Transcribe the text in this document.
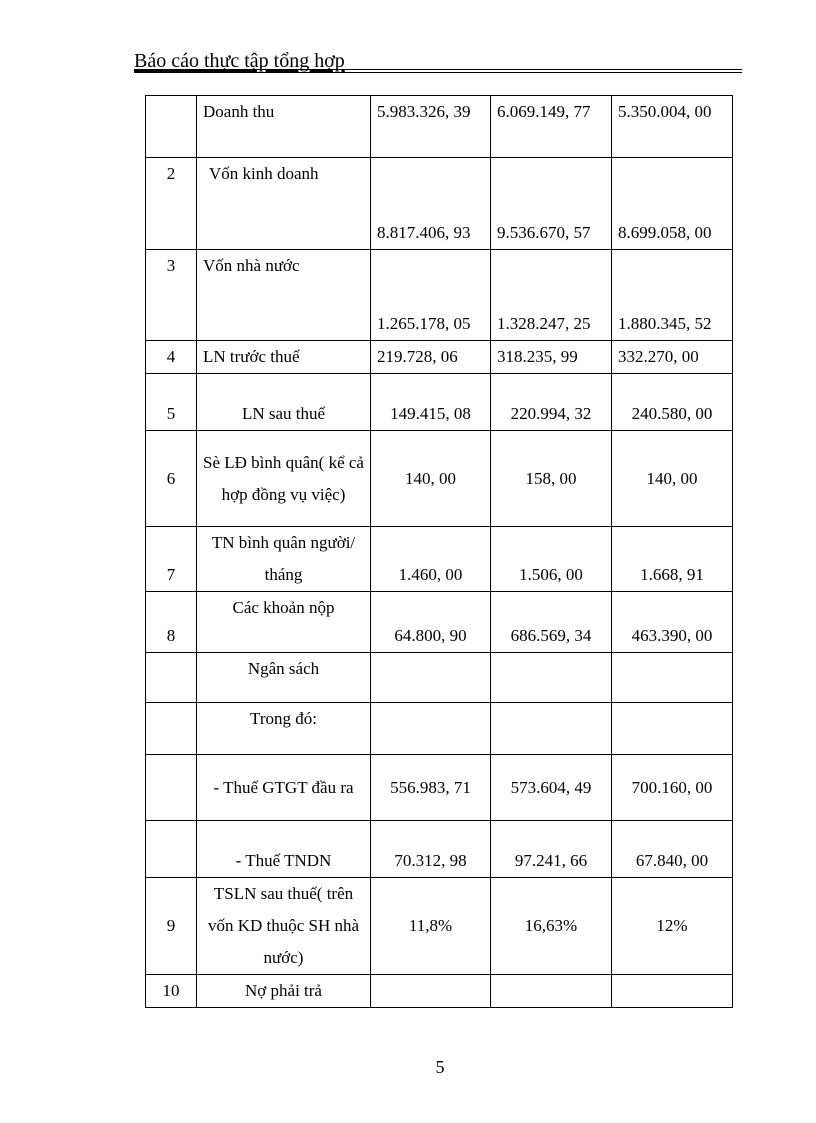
Báo cáo thực tập tổng hợp
	Doanh thu	5.983.326, 39	6.069.149, 77	5.350.004, 00
2	Vốn kinh doanh	8.817.406, 93	9.536.670, 57	8.699.058, 00
3	Vốn nhà nước	1.265.178, 05	1.328.247, 25	1.880.345, 52
4	LN trước thuế	219.728, 06	318.235, 99	332.270, 00
5	LN sau thuế	149.415, 08	220.994, 32	240.580, 00
6	Sè LĐ bình quân( kể cả hợp đồng vụ việc)	140, 00	158, 00	140, 00
7	TN bình quân người/ tháng	1.460, 00	1.506, 00	1.668, 91
8	Các khoản nộp	64.800, 90	686.569, 34	463.390, 00
	Ngân sách			
	Trong đó:			
	- Thuế GTGT đầu ra	556.983, 71	573.604, 49	700.160, 00
	- Thuế TNDN	70.312, 98	97.241, 66	67.840, 00
9	TSLN sau thuế( trên vốn KD thuộc SH nhà nước)	11,8%	16,63%	12%
10	Nợ phải trả			
5
